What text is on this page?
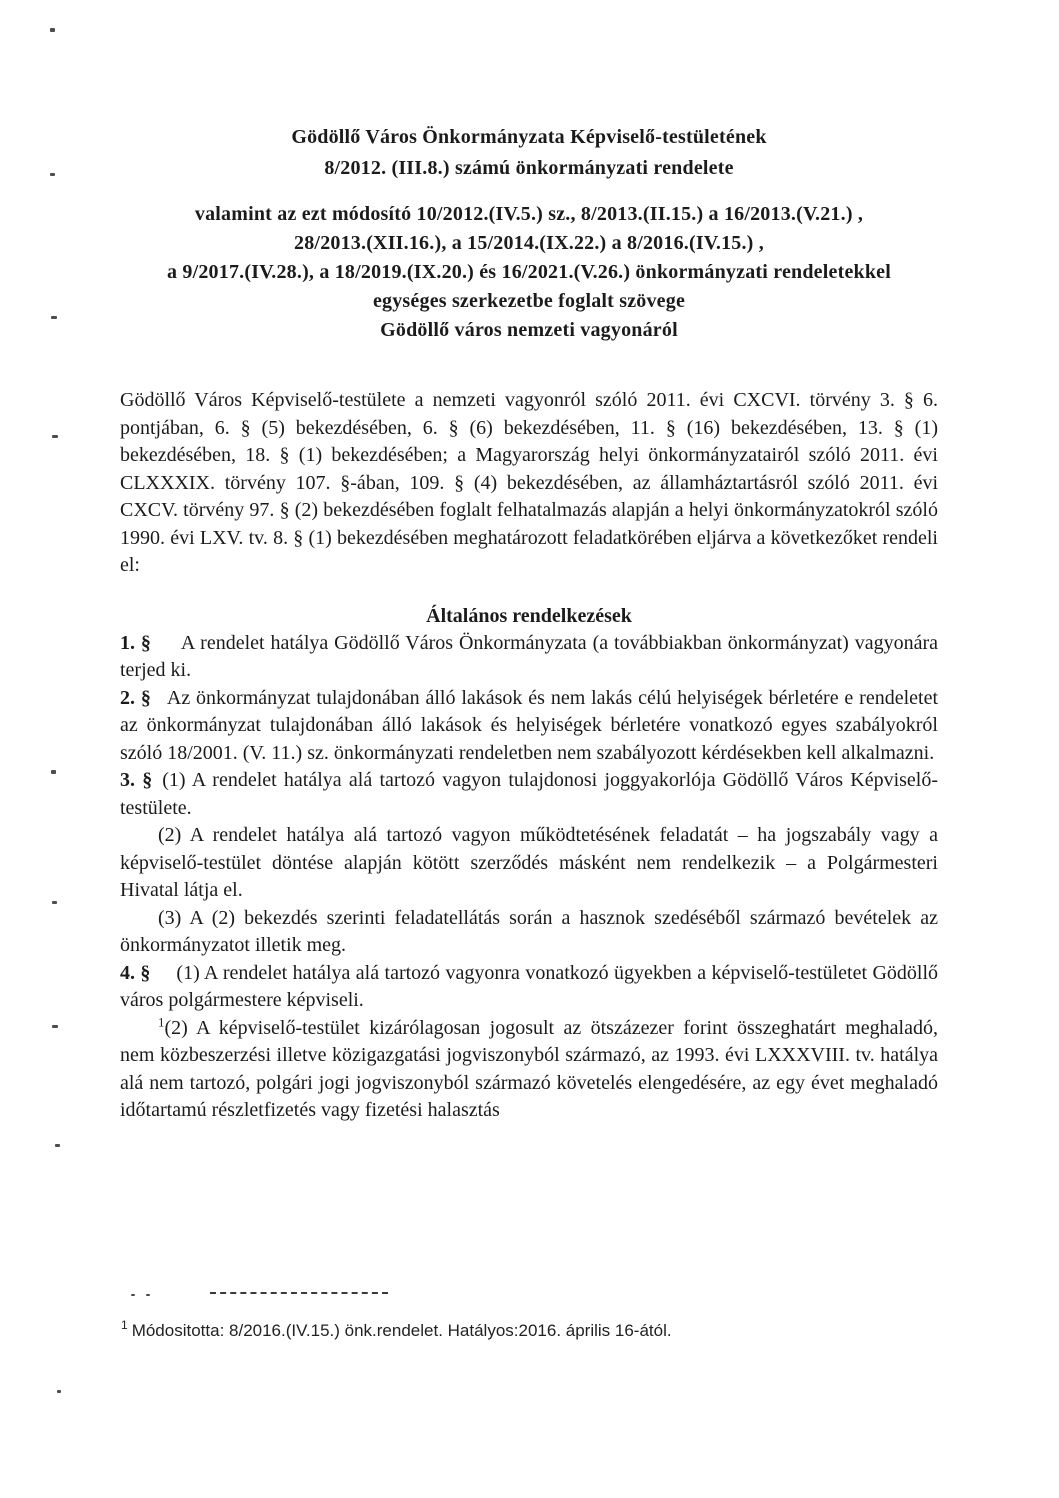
Gödöllő Város Önkormányzata Képviselő-testületének
8/2012. (III.8.) számú önkormányzati rendelete
valamint az ezt módosító 10/2012.(IV.5.) sz., 8/2013.(II.15.) a 16/2013.(V.21.) ,
28/2013.(XII.16.), a 15/2014.(IX.22.) a 8/2016.(IV.15.) ,
a 9/2017.(IV.28.), a 18/2019.(IX.20.) és 16/2021.(V.26.) önkormányzati rendeletekkel
egységes szerkezetbe foglalt szövege
Gödöllő város nemzeti vagyonáról

Gödöllő Város Képviselő-testülete a nemzeti vagyonról szóló 2011. évi CXCVI. törvény 3. § 6. pontjában, 6. § (5) bekezdésében, 6. § (6) bekezdésében, 11. § (16) bekezdésében, 13. § (1) bekezdésében, 18. § (1) bekezdésében; a Magyarország helyi önkormányzatairól szóló 2011. évi CLXXXIX. törvény 107. §-ában, 109. § (4) bekezdésében, az államháztartásról szóló 2011. évi CXCV. törvény 97. § (2) bekezdésében foglalt felhatalmazás alapján a helyi önkormányzatokról szóló 1990. évi LXV. tv. 8. § (1) bekezdésében meghatározott feladatkörében eljárva a következőket rendeli el:

Általános rendelkezések

1. § A rendelet hatálya Gödöllő Város Önkormányzata (a továbbiakban önkormányzat) vagyonára terjed ki.

2. § Az önkormányzat tulajdonában álló lakások és nem lakás célú helyiségek bérletére e rendeletet az önkormányzat tulajdonában álló lakások és helyiségek bérletére vonatkozó egyes szabályokról szóló 18/2001. (V. 11.) sz. önkormányzati rendeletben nem szabályozott kérdésekben kell alkalmazni.

3. § (1) A rendelet hatálya alá tartozó vagyon tulajdonosi joggyakorlója Gödöllő Város Képviselő-testülete.

(2) A rendelet hatálya alá tartozó vagyon működtetésének feladatát – ha jogszabály vagy a képviselő-testület döntése alapján kötött szerződés másként nem rendelkezik – a Polgármesteri Hivatal látja el.

(3) A (2) bekezdés szerinti feladatellátás során a hasznok szedéséből származó bevételek az önkormányzatot illetik meg.

4. § (1) A rendelet hatálya alá tartozó vagyonra vonatkozó ügyekben a képviselő-testületet Gödöllő város polgármestere képviseli.

$^1$(2) A képviselő-testület kizárólagosan jogosult az ötszázezer forint összeghatárt meghaladó, nem közbeszerzési illetve közigazgatási jogviszonyból származó, az 1993. évi LXXXVIII. tv. hatálya alá nem tartozó, polgári jogi jogviszonyból származó követelés elengedésére, az egy évet meghaladó időtartamú részletfizetés vagy fizetési halasztás

$^1$ Módositotta: 8/2016.(IV.15.) önk.rendelet. Hatályos:2016. április 16-ától.
